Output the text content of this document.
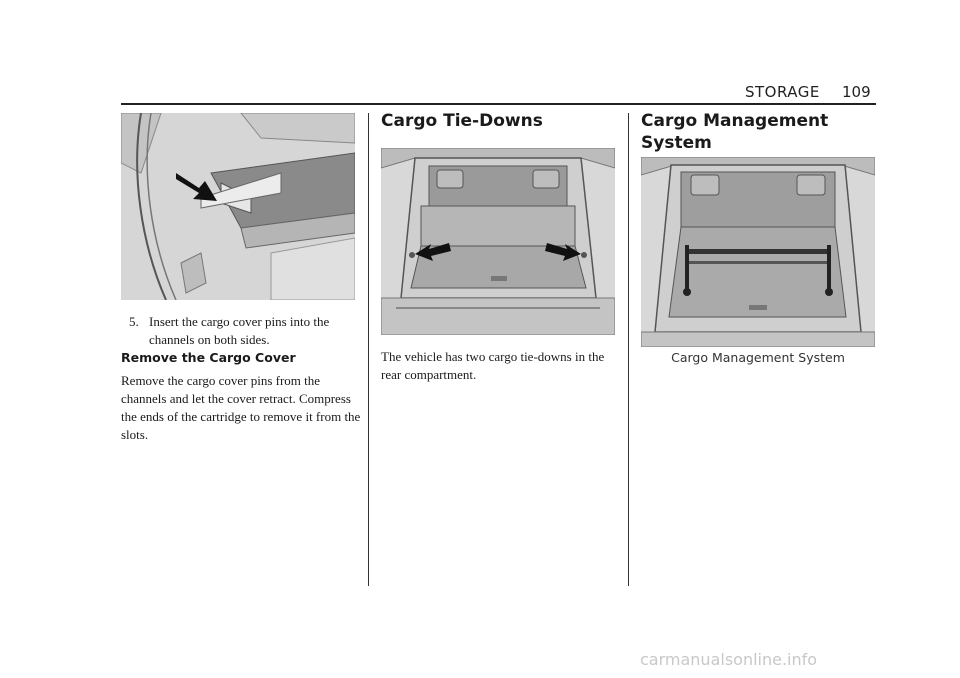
STORAGE 109
5. Insert the cargo cover pins into the channels on both sides.
Remove the Cargo Cover
Remove the cargo cover pins from the channels and let the cover retract. Compress the ends of the cartridge to remove it from the slots.
Cargo Tie-Downs
The vehicle has two cargo tie-downs in the rear compartment.
Cargo Management
System
Cargo Management System
carmanualsonline.info
